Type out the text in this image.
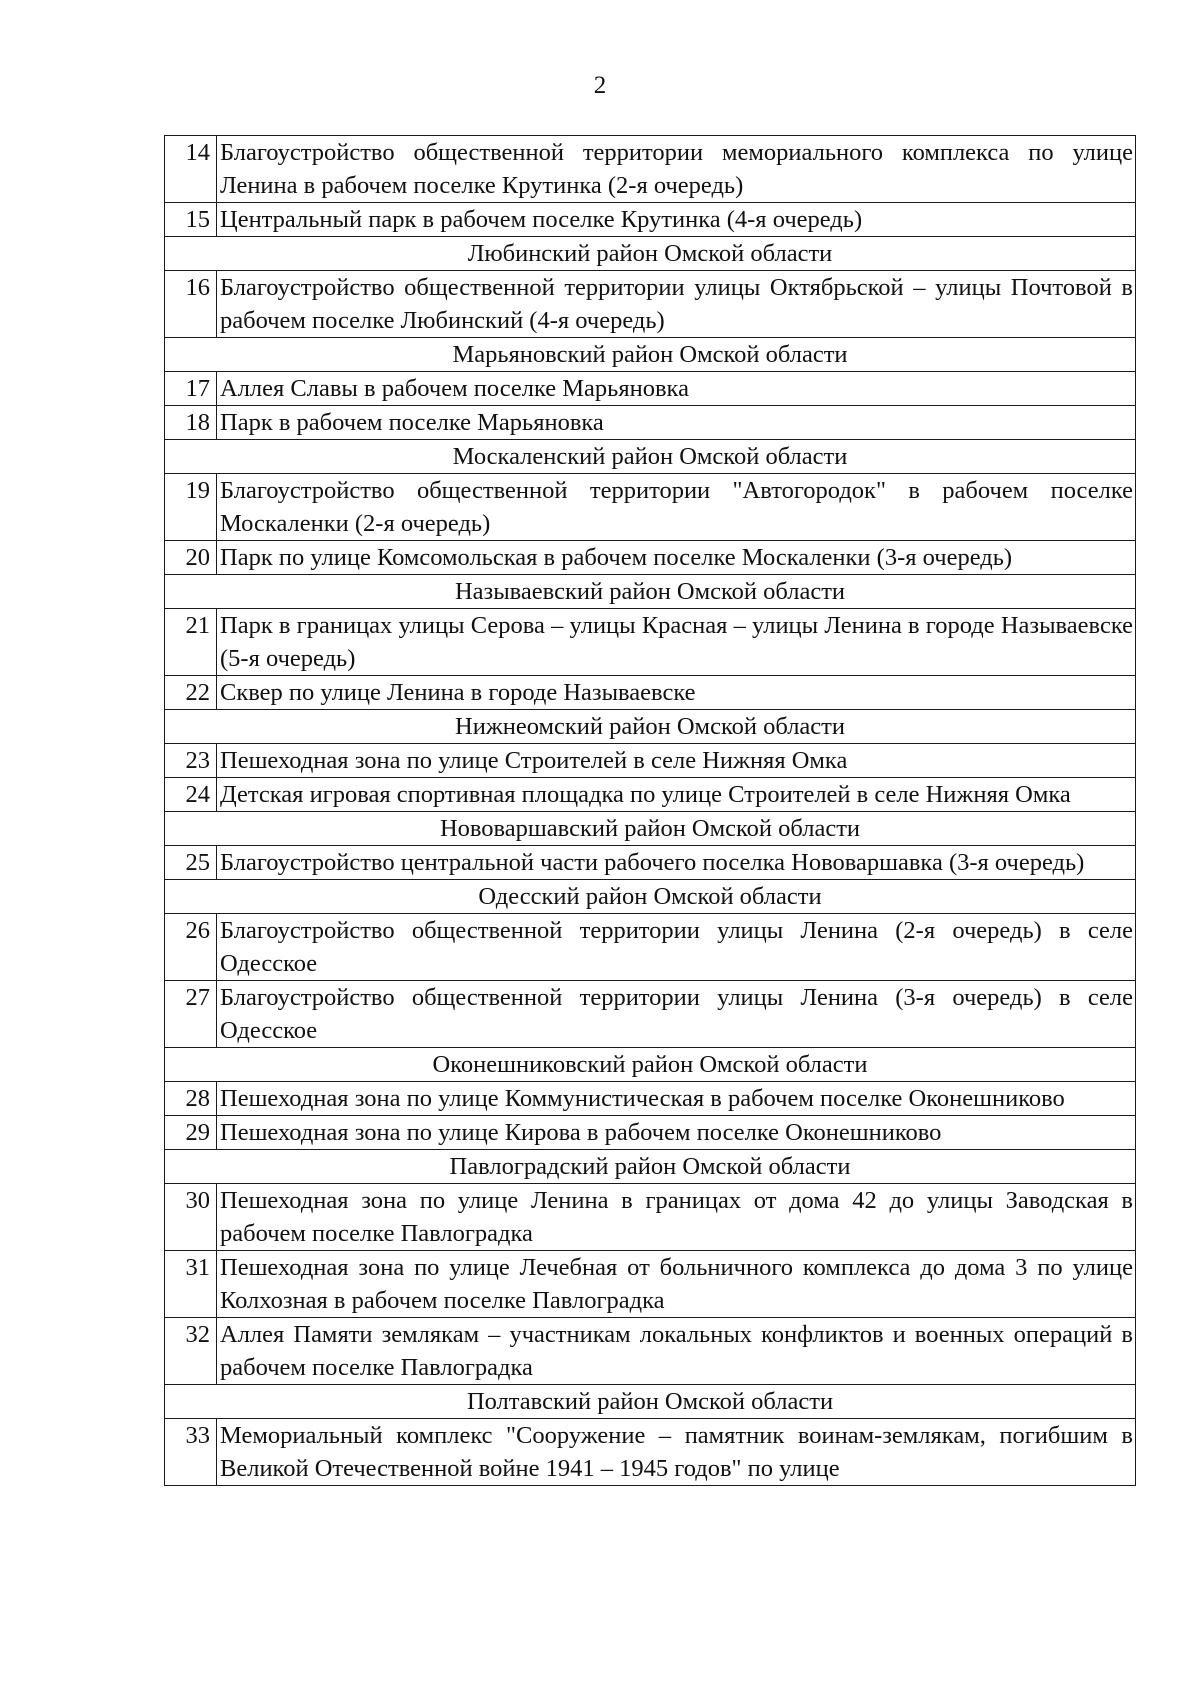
2
14	Благоустройство общественной территории мемориального комплекса по улице Ленина в рабочем поселке Крутинка (2-я очередь)
15	Центральный парк в рабочем поселке Крутинка (4-я очередь)
Любинский район Омской области	
16	Благоустройство общественной территории улицы Октябрьской – улицы Почтовой в рабочем поселке Любинский (4-я очередь)
Марьяновский район Омской области	
17	Аллея Славы в рабочем поселке Марьяновка
18	Парк в рабочем поселке Марьяновка
Москаленский район Омской области	
19	Благоустройство общественной территории "Автогородок" в рабочем поселке Москаленки (2-я очередь)
20	Парк по улице Комсомольская в рабочем поселке Москаленки (3-я очередь)
Называевский район Омской области	
21	Парк в границах улицы Серова – улицы Красная – улицы Ленина в городе Называевске (5-я очередь)
22	Сквер по улице Ленина в городе Называевске
Нижнеомский район Омской области	
23	Пешеходная зона по улице Строителей в селе Нижняя Омка
24	Детская игровая спортивная площадка по улице Строителей в селе Нижняя Омка
Нововаршавский район Омской области	
25	Благоустройство центральной части рабочего поселка Нововаршавка (3-я очередь)
Одесский район Омской области	
26	Благоустройство общественной территории улицы Ленина (2-я очередь) в селе Одесское
27	Благоустройство общественной территории улицы Ленина (3-я очередь) в селе Одесское
Оконешниковский район Омской области	
28	Пешеходная зона по улице Коммунистическая в рабочем поселке Оконешниково
29	Пешеходная зона по улице Кирова в рабочем поселке Оконешниково
Павлоградский район Омской области	
30	Пешеходная зона по улице Ленина в границах от дома 42 до улицы Заводская в рабочем поселке Павлоградка
31	Пешеходная зона по улице Лечебная от больничного комплекса до дома 3 по улице Колхозная в рабочем поселке Павлоградка
32	Аллея Памяти землякам – участникам локальных конфликтов и военных операций в рабочем поселке Павлоградка
Полтавский район Омской области	
33	Мемориальный комплекс "Сооружение – памятник воинам-землякам, погибшим в Великой Отечественной войне 1941 – 1945 годов" по улице
